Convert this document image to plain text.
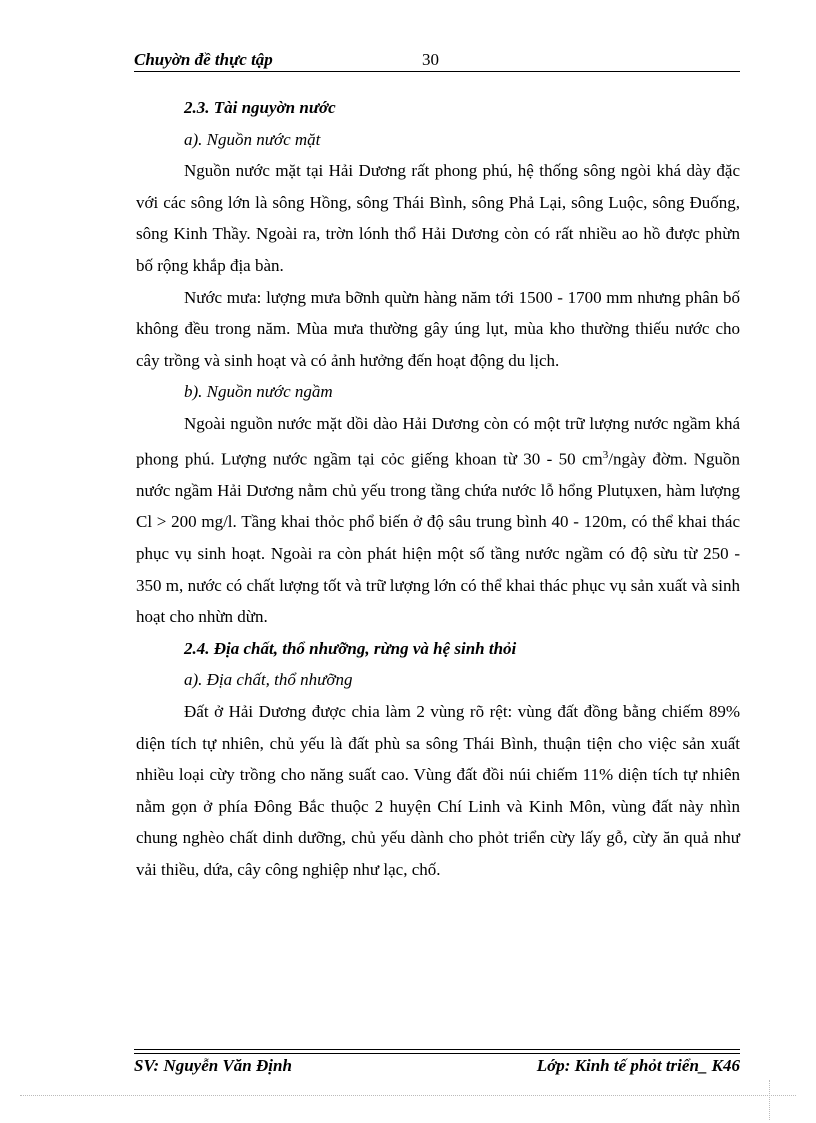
Chuyờn đề thực tập	30

2.3. Tài nguyờn nước

a). Nguồn nước mặt

Nguồn nước mặt tại Hải Dương rất phong phú, hệ thống sông ngòi khá dày đặc với các sông lớn là sông Hồng, sông Thái Bình, sông Phả Lại, sông Luộc, sông Đuống, sông Kinh Thầy. Ngoài ra, trờn lónh thổ Hải Dương còn có rất nhiều ao hồ được phừn bố rộng khắp địa bàn.

Nước mưa: lượng mưa bỡnh quừn hàng năm tới 1500 - 1700 mm nhưng phân bố không đều trong năm. Mùa mưa thường gây úng lụt, mùa kho thường thiếu nước cho cây trồng và sinh hoạt và có ảnh hưởng đến hoạt động du lịch.

b). Nguồn nước ngầm

Ngoài nguồn nước mặt dồi dào Hải Dương còn có một trữ lượng nước ngầm khá phong phú. Lượng nước ngầm tại cỏc giếng khoan từ 30 - 50 $cm^3$/ngày đờm. Nguồn nước ngầm Hải Dương nằm chủ yếu trong tầng chứa nước lỗ hổng Plutụxen, hàm lượng Cl > 200 mg/l. Tầng khai thỏc phổ biến ở độ sâu trung bình 40 - 120m, có thể khai thác phục vụ sinh hoạt. Ngoài ra còn phát hiện một số tầng nước ngầm có độ sừu từ 250 - 350 m, nước có chất lượng tốt và trữ lượng lớn có thể khai thác phục vụ sản xuất và sinh hoạt cho nhừn dừn.

2.4. Địa chất, thổ nhưỡng, rừng và hệ sinh thỏi

a). Địa chất, thổ nhưỡng

Đất ở Hải Dương được chia làm 2 vùng rõ rệt: vùng đất đồng bằng chiếm 89% diện tích tự nhiên, chủ yếu là đất phù sa sông Thái Bình, thuận tiện cho việc sản xuất nhiều loại cừy trồng cho năng suất cao. Vùng đất đồi núi chiếm 11% diện tích tự nhiên nằm gọn ở phía Đông Bắc thuộc 2 huyện Chí Linh và Kinh Môn, vùng đất này nhìn chung nghèo chất dinh dưỡng, chủ yếu dành cho phỏt triển cừy lấy gỗ, cừy ăn quả như vải thiều, dứa, cây công nghiệp như lạc, chố.

SV: Nguyễn Văn Định	Lớp: Kinh tế phỏt triển_ K46
